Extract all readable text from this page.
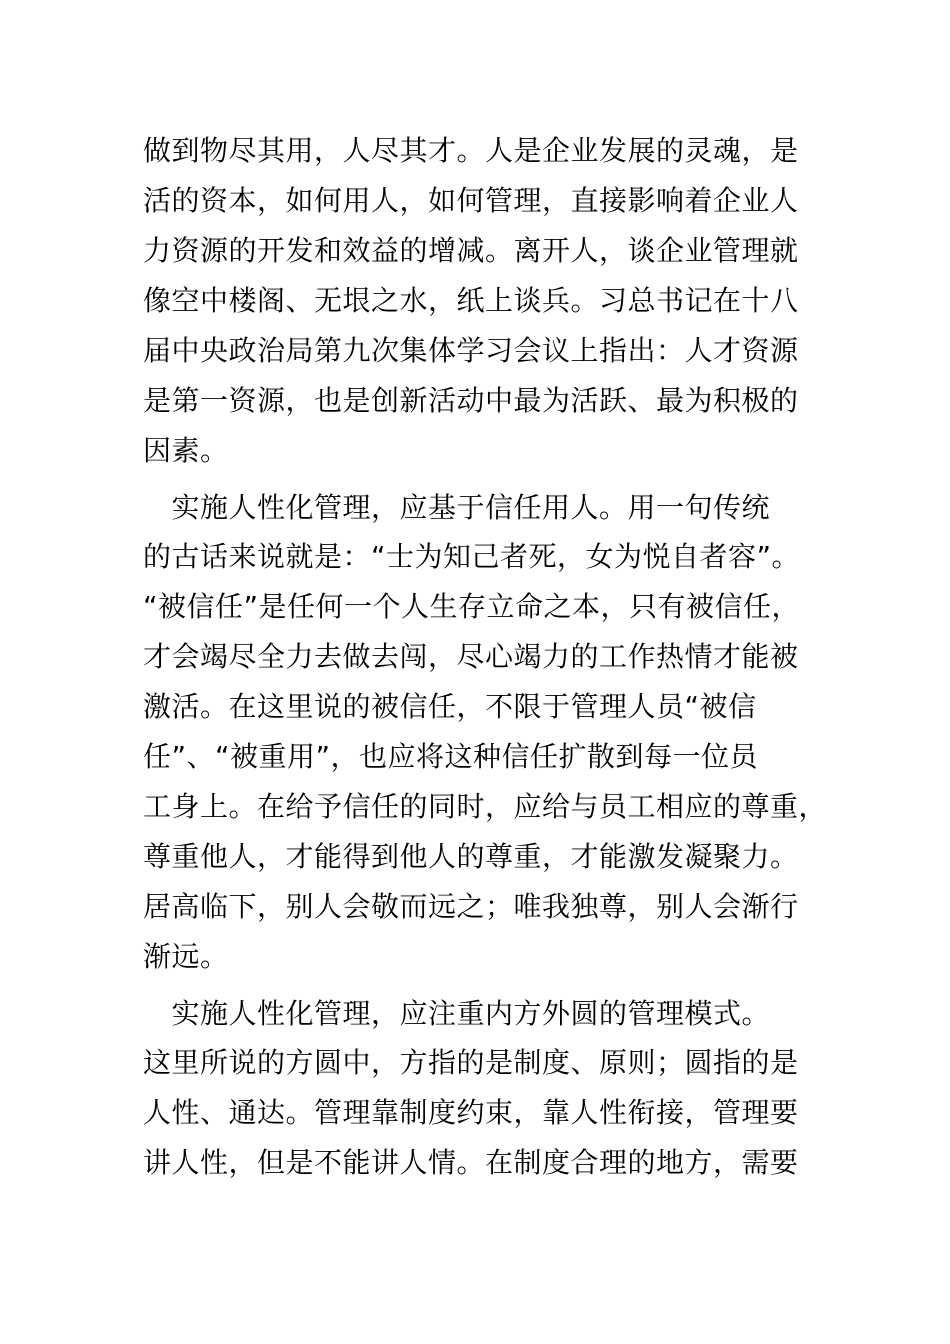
做到物尽其用，人尽其才。人是企业发展的灵魂，是
活的资本，如何用人，如何管理，直接影响着企业人
力资源的开发和效益的增减。离开人，谈企业管理就
像空中楼阁、无垠之水，纸上谈兵。习总书记在十八
届中央政治局第九次集体学习会议上指出：人才资源
是第一资源，也是创新活动中最为活跃、最为积极的
因素。
　实施人性化管理，应基于信任用人。用一句传统
的古话来说就是：“士为知己者死，女为悦自者容”。
“被信任”是任何一个人生存立命之本，只有被信任，
才会竭尽全力去做去闯，尽心竭力的工作热情才能被
激活。在这里说的被信任，不限于管理人员“被信
任”、“被重用”，也应将这种信任扩散到每一位员
工身上。在给予信任的同时，应给与员工相应的尊重，
尊重他人，才能得到他人的尊重，才能激发凝聚力。
居高临下，别人会敬而远之；唯我独尊，别人会渐行
渐远。
　实施人性化管理，应注重内方外圆的管理模式。
这里所说的方圆中，方指的是制度、原则；圆指的是
人性、通达。管理靠制度约束，靠人性衔接，管理要
讲人性，但是不能讲人情。在制度合理的地方，需要
